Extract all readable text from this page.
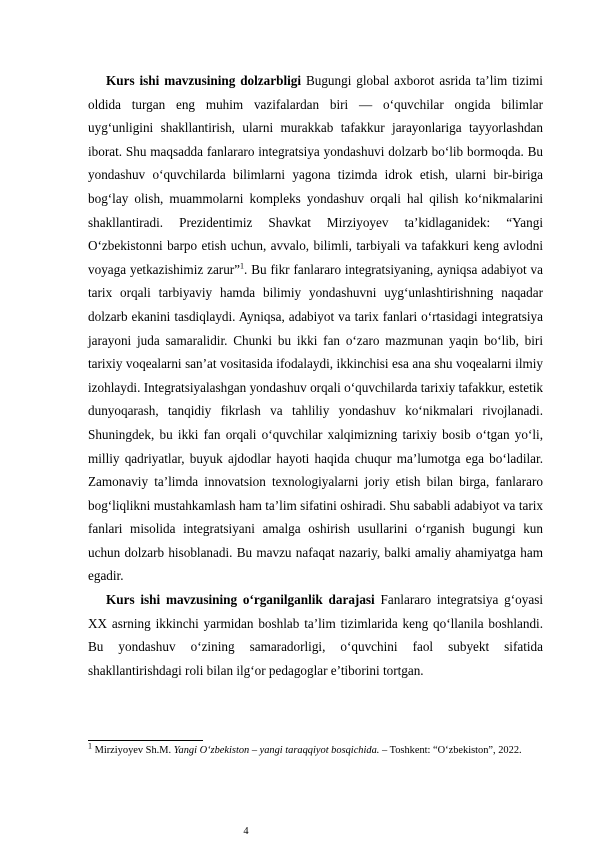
Kurs ishi mavzusining dolzarbligi Bugungi global axborot asrida ta’lim tizimi oldida turgan eng muhim vazifalardan biri — o‘quvchilar ongida bilimlar uyg‘unligini shakllantirish, ularni murakkab tafakkur jarayonlariga tayyorlashdan iborat. Shu maqsadda fanlararo integratsiya yondashuvi dolzarb bo‘lib bormoqda. Bu yondashuv o‘quvchilarda bilimlarni yagona tizimda idrok etish, ularni bir-biriga bog‘lay olish, muammolarni kompleks yondashuv orqali hal qilish ko‘nikmalarini shakllantiradi. Prezidentimiz Shavkat Mirziyoyev ta’kidlaganidek: “Yangi O‘zbekistonni barpo etish uchun, avvalo, bilimli, tarbiyali va tafakkuri keng avlodni voyaga yetkazishimiz zarur”$^1$. Bu fikr fanlararo integratsiyaning, ayniqsa adabiyot va tarix orqali tarbiyaviy hamda bilimiy yondashuvni uyg‘unlashtirishning naqadar dolzarb ekanini tasdiqlaydi. Ayniqsa, adabiyot va tarix fanlari o‘rtasidagi integratsiya jarayoni juda samaralidir. Chunki bu ikki fan o‘zaro mazmunan yaqin bo‘lib, biri tarixiy voqealarni san’at vositasida ifodalaydi, ikkinchisi esa ana shu voqealarni ilmiy izohlaydi. Integratsiyalashgan yondashuv orqali o‘quvchilarda tarixiy tafakkur, estetik dunyoqarash, tanqidiy fikrlash va tahliliy yondashuv ko‘nikmalari rivojlanadi. Shuningdek, bu ikki fan orqali o‘quvchilar xalqimizning tarixiy bosib o‘tgan yo‘li, milliy qadriyatlar, buyuk ajdodlar hayoti haqida chuqur ma’lumotga ega bo‘ladilar. Zamonaviy ta’limda innovatsion texnologiyalarni joriy etish bilan birga, fanlararo bog‘liqlikni mustahkamlash ham ta’lim sifatini oshiradi. Shu sababli adabiyot va tarix fanlari misolida integratsiyani amalga oshirish usullarini o‘rganish bugungi kun uchun dolzarb hisoblanadi. Bu mavzu nafaqat nazariy, balki amaliy ahamiyatga ham egadir.

Kurs ishi mavzusining o‘rganilganlik darajasi Fanlararo integratsiya g‘oyasi XX asrning ikkinchi yarmidan boshlab ta’lim tizimlarida keng qo‘llanila boshlandi. Bu yondashuv o‘zining samaradorligi, o‘quvchini faol subyekt sifatida shakllantirishdagi roli bilan ilg‘or pedagoglar e’tiborini tortgan.

$^1$ Mirziyoyev Sh.M. Yangi O‘zbekiston – yangi taraqqiyot bosqichida. – Toshkent: “O‘zbekiston”, 2022.

4
